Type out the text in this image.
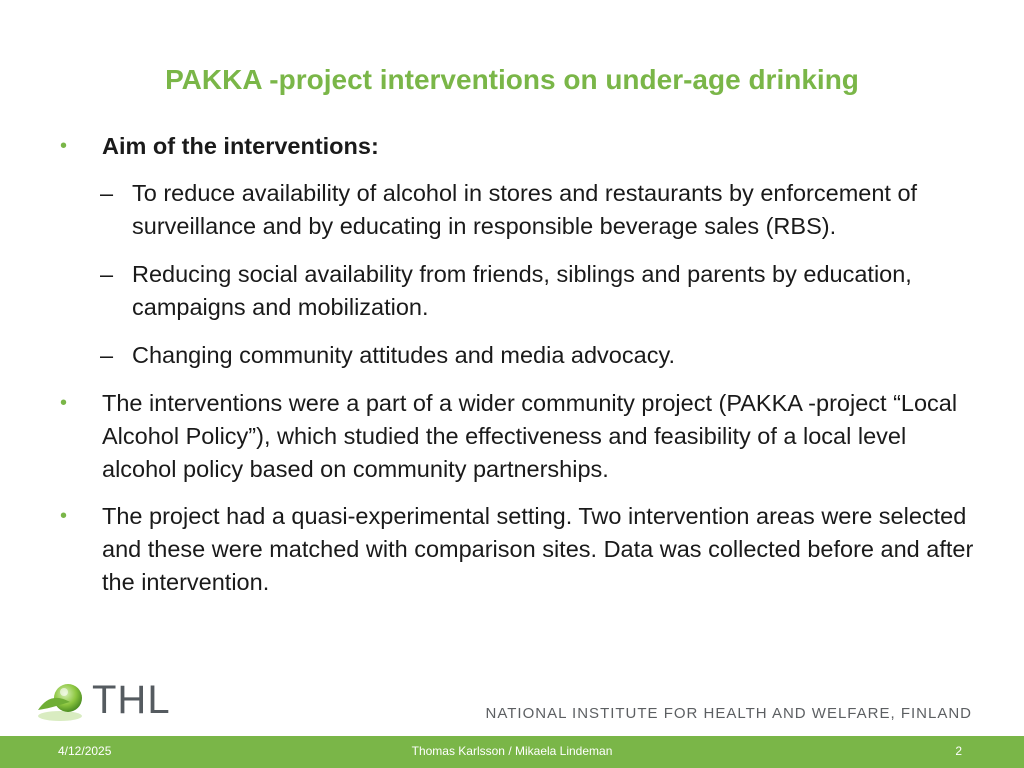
PAKKA -project interventions on under-age drinking
• Aim of the interventions:
– To reduce availability of alcohol in stores and restaurants by enforcement of surveillance and by educating in responsible beverage sales (RBS).
– Reducing social availability from friends, siblings and parents by education, campaigns and mobilization.
– Changing community attitudes and media advocacy.
• The interventions were a part of a wider community project (PAKKA -project “Local Alcohol Policy”), which studied the effectiveness and feasibility of a local level alcohol policy based on community partnerships.
• The project had a quasi-experimental setting. Two intervention areas were selected and these were matched with comparison sites. Data was collected before and after the intervention.
THL	NATIONAL INSTITUTE FOR HEALTH AND WELFARE, FINLAND
4/12/2025	Thomas Karlsson / Mikaela Lindeman	2
